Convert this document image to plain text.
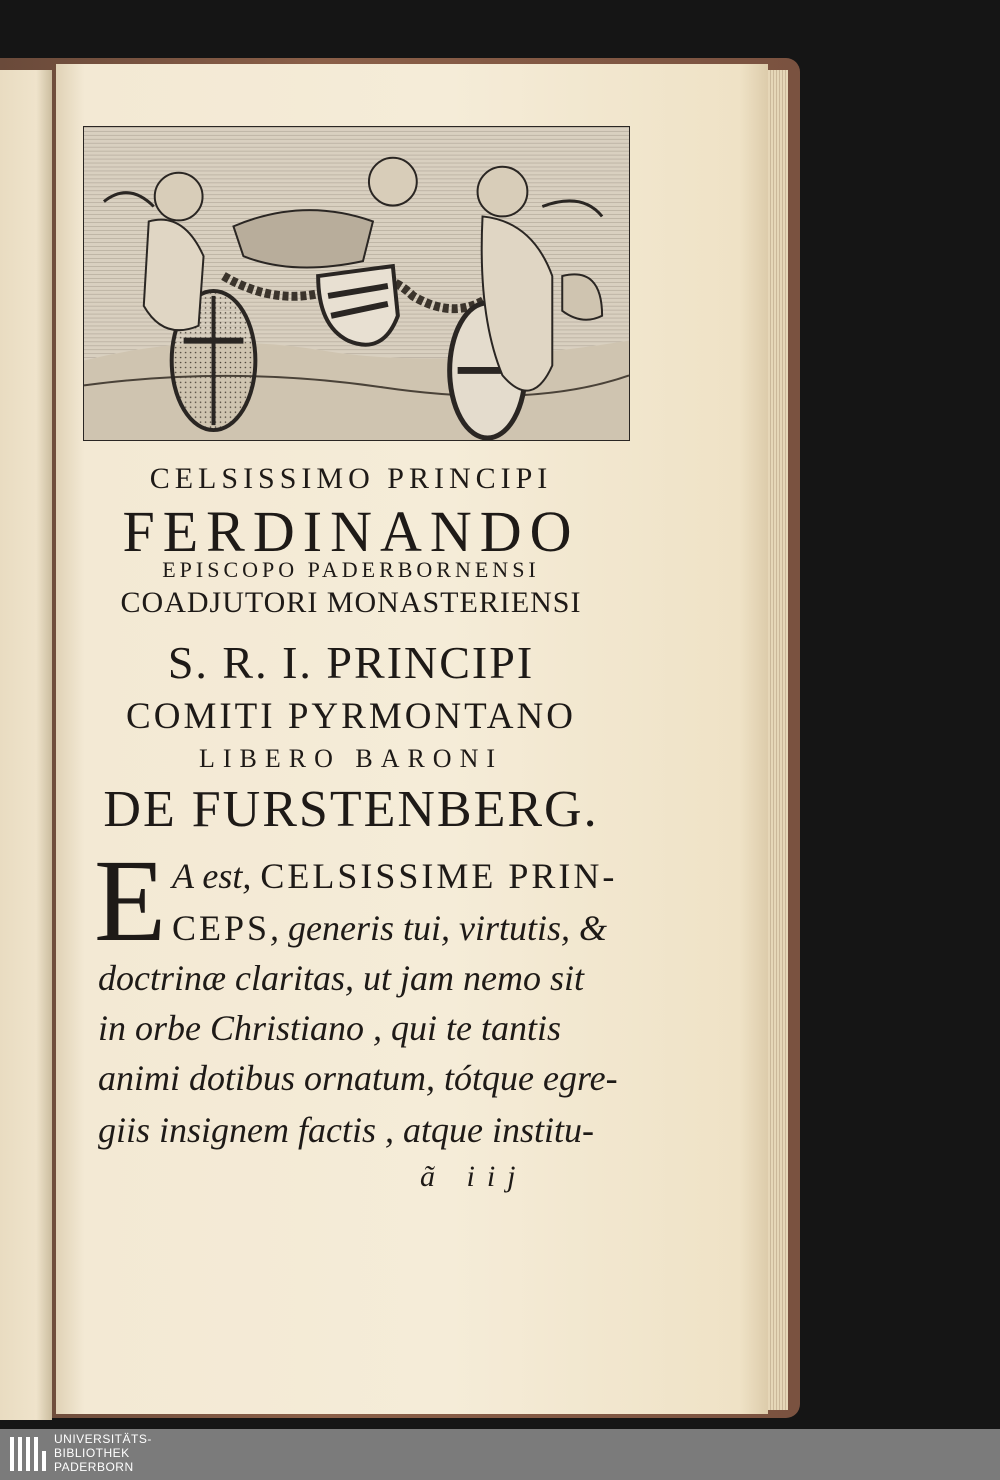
CELSISSIMO PRINCIPI
FERDINANDO
EPISCOPO PADERBORNENSI
COADJUTORI MONASTERIENSI
S. R. I. PRINCIPI
COMITI PYRMONTANO
LIBERO BARONI
DE FURSTENBERG.
E A est, CELSISSIME PRIN-
CEPS, generis tui, virtutis, &
doctrinæ claritas, ut jam nemo sit
in orbe Christiano , qui te tantis
animi dotibus ornatum, tótque egre-
giis insignem factis , atque institu-
ã iij
UNIVERSITÄTS-
BIBLIOTHEK
PADERBORN
